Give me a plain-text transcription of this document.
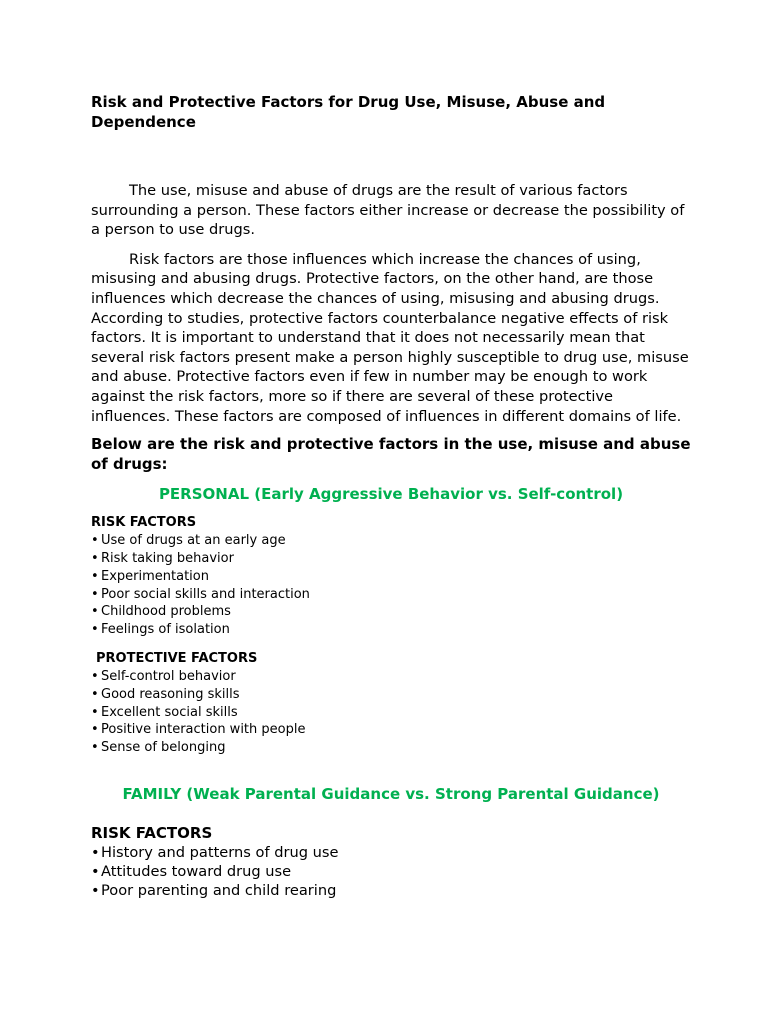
Risk and Protective Factors for Drug Use, Misuse, Abuse and Dependence

The use, misuse and abuse of drugs are the result of various factors surrounding a person. These factors either increase or decrease the possibility of a person to use drugs.

Risk factors are those influences which increase the chances of using, misusing and abusing drugs. Protective factors, on the other hand, are those influences which decrease the chances of using, misusing and abusing drugs. According to studies, protective factors counterbalance negative effects of risk factors. It is important to understand that it does not necessarily mean that several risk factors present make a person highly susceptible to drug use, misuse and abuse. Protective factors even if few in number may be enough to work against the risk factors, more so if there are several of these protective influences. These factors are composed of influences in different domains of life.

Below are the risk and protective factors in the use, misuse and abuse of drugs:

PERSONAL (Early Aggressive Behavior vs. Self-control)
RISK FACTORS
• Use of drugs at an early age
• Risk taking behavior
• Experimentation
• Poor social skills and interaction
• Childhood problems
• Feelings of isolation
PROTECTIVE FACTORS
• Self-control behavior
• Good reasoning skills
• Excellent social skills
• Positive interaction with people
• Sense of belonging
FAMILY (Weak Parental Guidance vs. Strong Parental Guidance)
RISK FACTORS
•History and patterns of drug use
•Attitudes toward drug use
•Poor parenting and child rearing
